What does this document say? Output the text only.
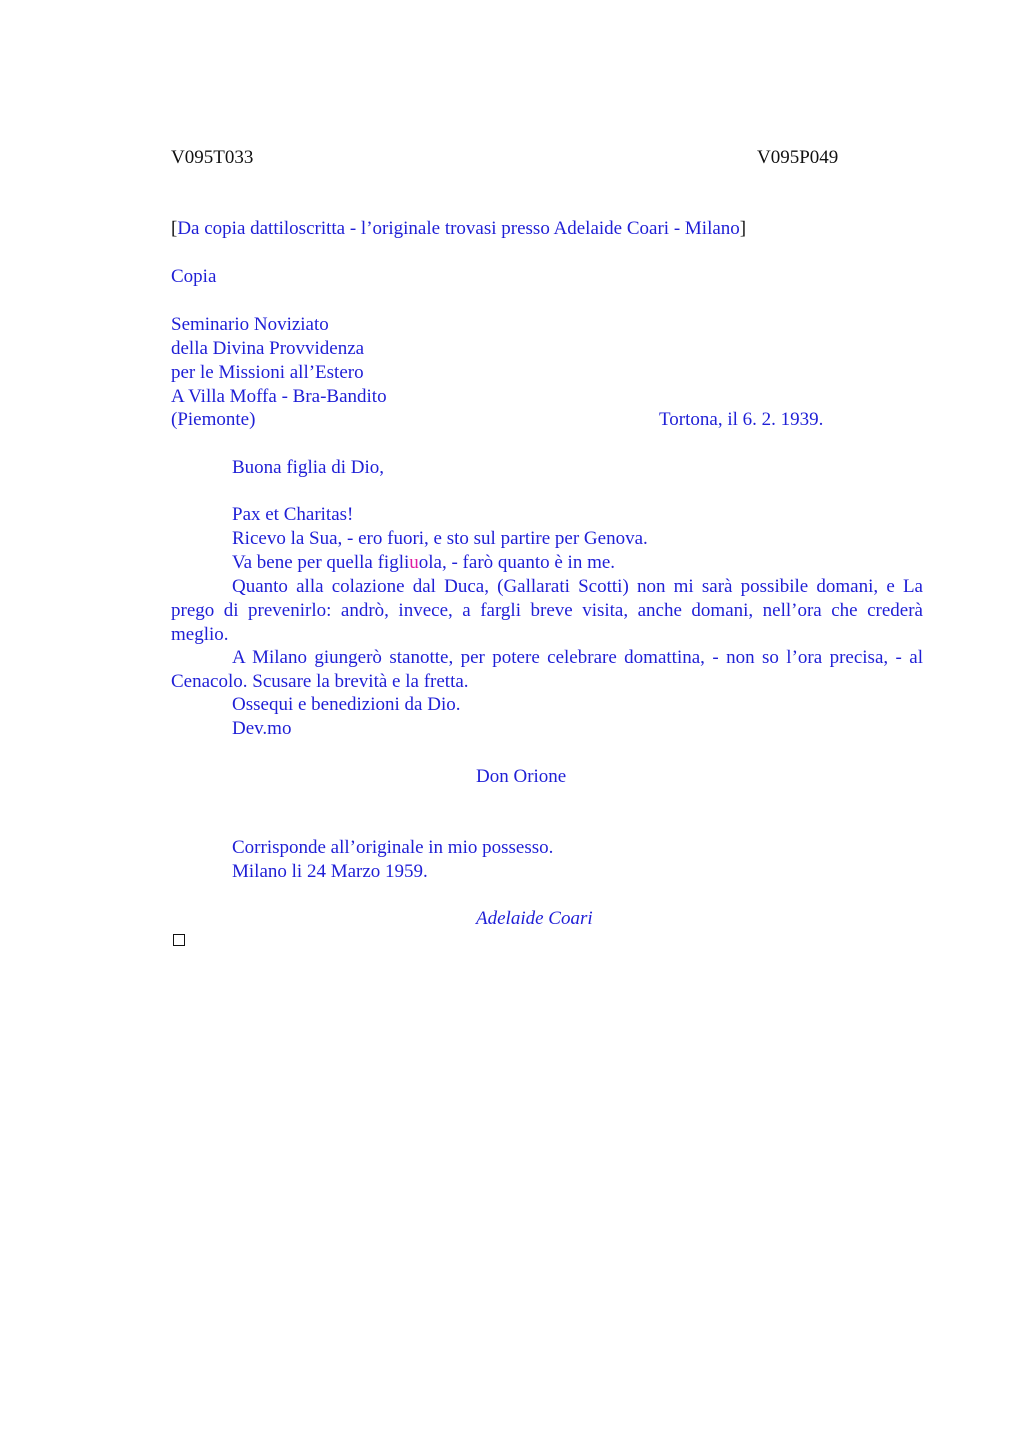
V095T033	V095P049
[Da copia dattiloscritta - l’originale trovasi presso Adelaide Coari - Milano]
Copia
Seminario Noviziato
della Divina Provvidenza
per le Missioni all’Estero
A Villa Moffa - Bra-Bandito
(Piemonte)	Tortona, il 6. 2. 1939.
Buona figlia di Dio,
Pax et Charitas!
Ricevo la Sua, - ero fuori, e sto sul partire per Genova.
Va bene per quella figliuola, - farò quanto è in me.
Quanto alla colazione dal Duca, (Gallarati Scotti) non mi sarà possibile domani, e La prego di prevenirlo: andrò, invece, a fargli breve visita, anche domani, nell’ora che crederà meglio.
A Milano giungerò stanotte, per potere celebrare domattina, - non so l’ora precisa, - al Cenacolo. Scusare la brevità e la fretta.
Ossequi e benedizioni da Dio.
Dev.mo
Don Orione
Corrisponde all’originale in mio possesso.
Milano li 24 Marzo 1959.
Adelaide Coari
